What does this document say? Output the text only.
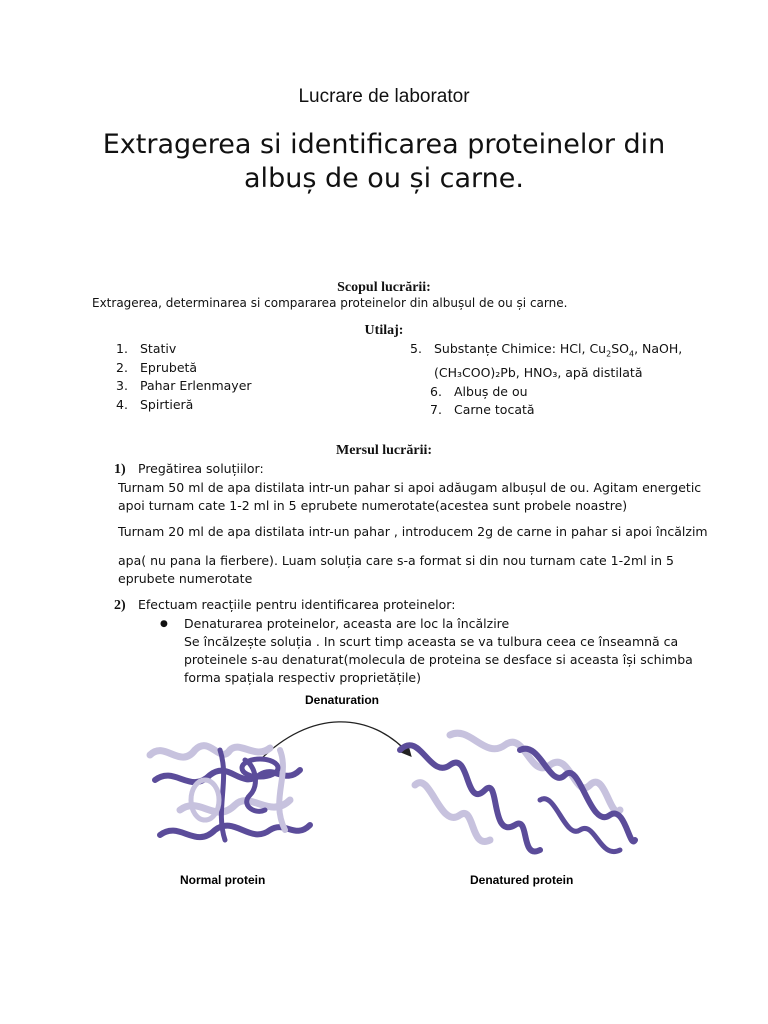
Lucrare de laborator
Extragerea si identificarea proteinelor din
albuș de ou și carne.
Scopul lucrării:
Extragerea, determinarea si compararea proteinelor din albușul de ou și carne.
Utilaj:
1. Stativ
2. Eprubetă
3. Pahar Erlenmayer
4. Spirtieră
5. Substanțe Chimice: HCl, $Cu_2SO_4$, NaOH,
(CH₃COO)₂Pb, HNO₃, apă distilată
6. Albuș de ou
7. Carne tocată
Mersul lucrării:
1) Pregătirea soluțiilor:
Turnam 50 ml de apa distilata intr-un pahar si apoi adăugam albușul de ou. Agitam energetic
apoi turnam cate 1-2 ml in 5 eprubete numerotate(acestea sunt probele noastre)
Turnam 20 ml de apa distilata intr-un pahar , introducem 2g de carne in pahar si apoi încălzim
apa( nu pana la fierbere). Luam soluția care s-a format si din nou turnam cate 1-2ml in 5
eprubete numerotate
2) Efectuam reacțiile pentru identificarea proteinelor:
● Denaturarea proteinelor, aceasta are loc la încălzire
Se încălzește soluția . In scurt timp aceasta se va tulbura ceea ce înseamnă ca
proteinele s-au denaturat(molecula de proteina se desface si aceasta își schimba
forma spațiala respectiv proprietățile)
Denaturation
Normal protein	Denatured protein
